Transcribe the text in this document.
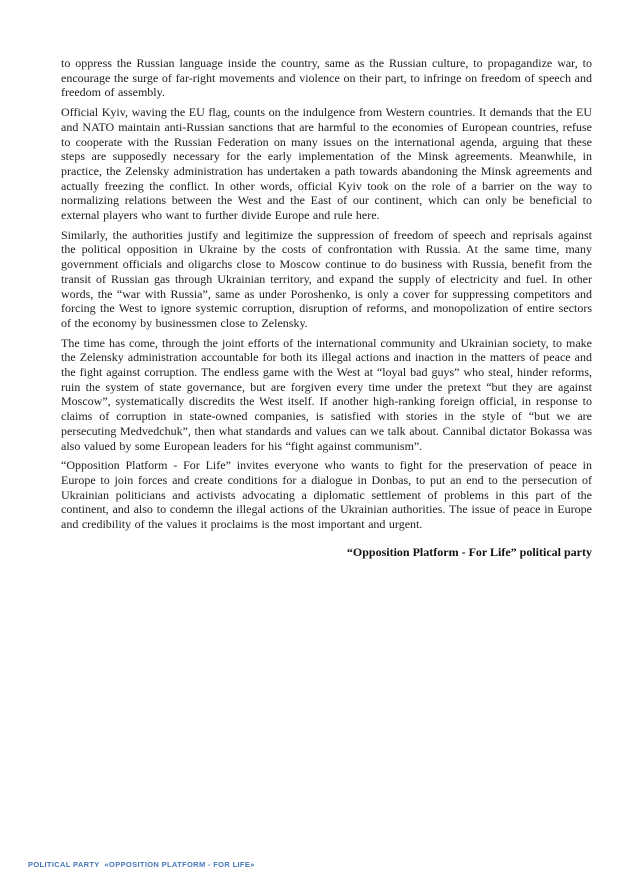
to oppress the Russian language inside the country, same as the Russian culture, to propagandize war, to encourage the surge of far-right movements and violence on their part, to infringe on freedom of speech and freedom of assembly.

Official Kyiv, waving the EU flag, counts on the indulgence from Western countries. It demands that the EU and NATO maintain anti-Russian sanctions that are harmful to the economies of European countries, refuse to cooperate with the Russian Federation on many issues on the international agenda, arguing that these steps are supposedly necessary for the early implementation of the Minsk agreements. Meanwhile, in practice, the Zelensky administration has undertaken a path towards abandoning the Minsk agreements and actually freezing the conflict. In other words, official Kyiv took on the role of a barrier on the way to normalizing relations between the West and the East of our continent, which can only be beneficial to external players who want to further divide Europe and rule here.

Similarly, the authorities justify and legitimize the suppression of freedom of speech and reprisals against the political opposition in Ukraine by the costs of confrontation with Russia. At the same time, many government officials and oligarchs close to Moscow continue to do business with Russia, benefit from the transit of Russian gas through Ukrainian territory, and expand the supply of electricity and fuel. In other words, the “war with Russia”, same as under Poroshenko, is only a cover for suppressing competitors and forcing the West to ignore systemic corruption, disruption of reforms, and monopolization of entire sectors of the economy by businessmen close to Zelensky.

The time has come, through the joint efforts of the international community and Ukrainian society, to make the Zelensky administration accountable for both its illegal actions and inaction in the matters of peace and the fight against corruption. The endless game with the West at “loyal bad guys” who steal, hinder reforms, ruin the system of state governance, but are forgiven every time under the pretext “but they are against Moscow”, systematically discredits the West itself. If another high-ranking foreign official, in response to claims of corruption in state-owned companies, is satisfied with stories in the style of “but we are persecuting Medvedchuk”, then what standards and values can we talk about. Cannibal dictator Bokassa was also valued by some European leaders for his “fight against communism”.

“Opposition Platform - For Life” invites everyone who wants to fight for the preservation of peace in Europe to join forces and create conditions for a dialogue in Donbas, to put an end to the persecution of Ukrainian politicians and activists advocating a diplomatic settlement of problems in this part of the continent, and also to condemn the illegal actions of the Ukrainian authorities. The issue of peace in Europe and credibility of the values it proclaims is the most important and urgent.

“Opposition Platform - For Life” political party
POLITICAL PARTY  «OPPOSITION PLATFORM - FOR LIFE»
